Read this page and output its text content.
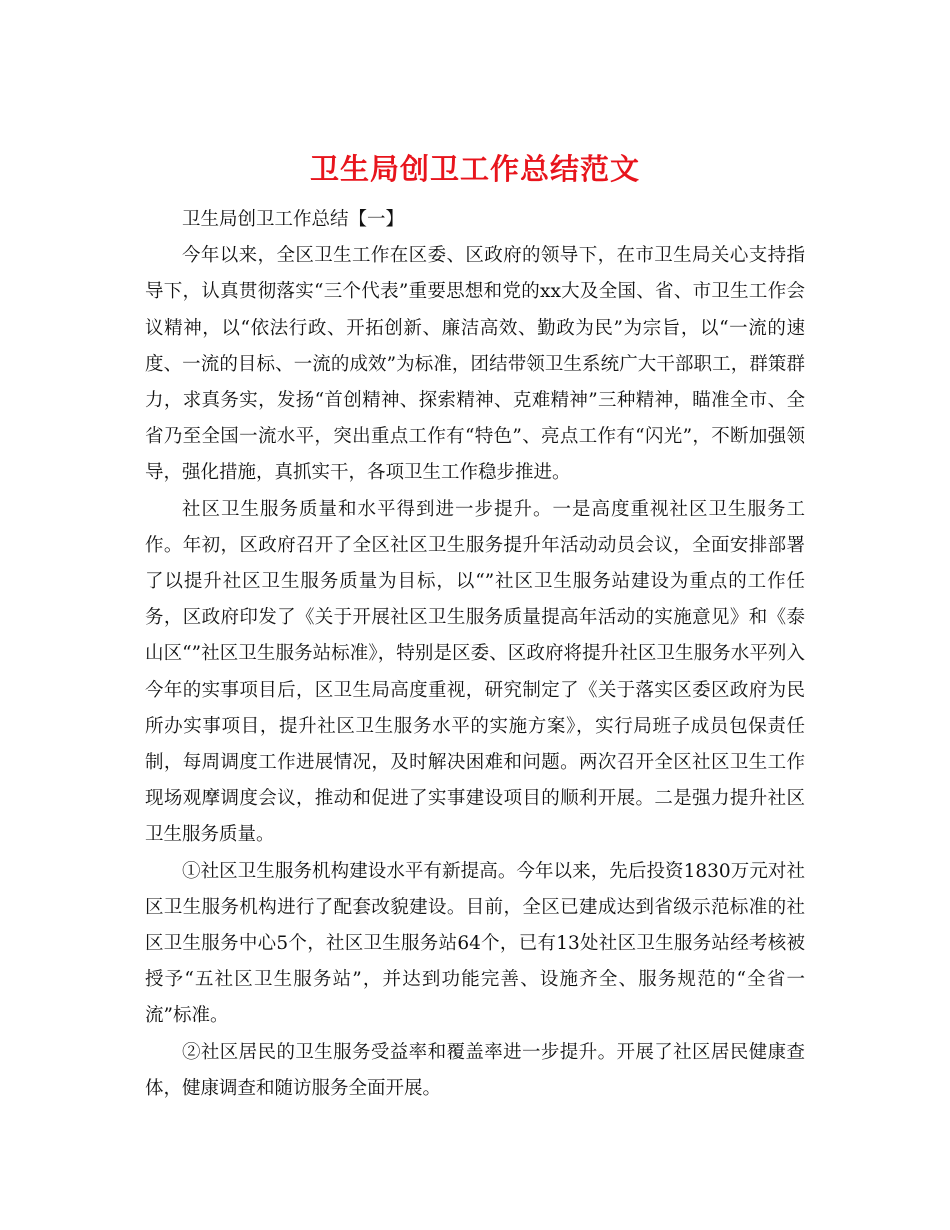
卫生局创卫工作总结范文

卫生局创卫工作总结【一】

今年以来，全区卫生工作在区委、区政府的领导下，在市卫生局关心支持指导下，认真贯彻落实“三个代表”重要思想和党的xx大及全国、省、市卫生工作会议精神，以“依法行政、开拓创新、廉洁高效、勤政为民”为宗旨，以“一流的速度、一流的目标、一流的成效”为标准，团结带领卫生系统广大干部职工，群策群力，求真务实，发扬“首创精神、探索精神、克难精神”三种精神，瞄准全市、全省乃至全国一流水平，突出重点工作有“特色”、亮点工作有“闪光”，不断加强领导，强化措施，真抓实干，各项卫生工作稳步推进。

社区卫生服务质量和水平得到进一步提升。一是高度重视社区卫生服务工作。年初，区政府召开了全区社区卫生服务提升年活动动员会议，全面安排部署了以提升社区卫生服务质量为目标，以“”社区卫生服务站建设为重点的工作任务，区政府印发了《关于开展社区卫生服务质量提高年活动的实施意见》和《泰山区“”社区卫生服务站标准》，特别是区委、区政府将提升社区卫生服务水平列入今年的实事项目后，区卫生局高度重视，研究制定了《关于落实区委区政府为民所办实事项目，提升社区卫生服务水平的实施方案》，实行局班子成员包保责任制，每周调度工作进展情况，及时解决困难和问题。两次召开全区社区卫生工作现场观摩调度会议，推动和促进了实事建设项目的顺利开展。二是强力提升社区卫生服务质量。

①社区卫生服务机构建设水平有新提高。今年以来，先后投资1830万元对社区卫生服务机构进行了配套改貌建设。目前，全区已建成达到省级示范标准的社区卫生服务中心5个，社区卫生服务站64个，已有13处社区卫生服务站经考核被授予“五社区卫生服务站”，并达到功能完善、设施齐全、服务规范的“全省一流”标准。

②社区居民的卫生服务受益率和覆盖率进一步提升。开展了社区居民健康查体，健康调查和随访服务全面开展。
